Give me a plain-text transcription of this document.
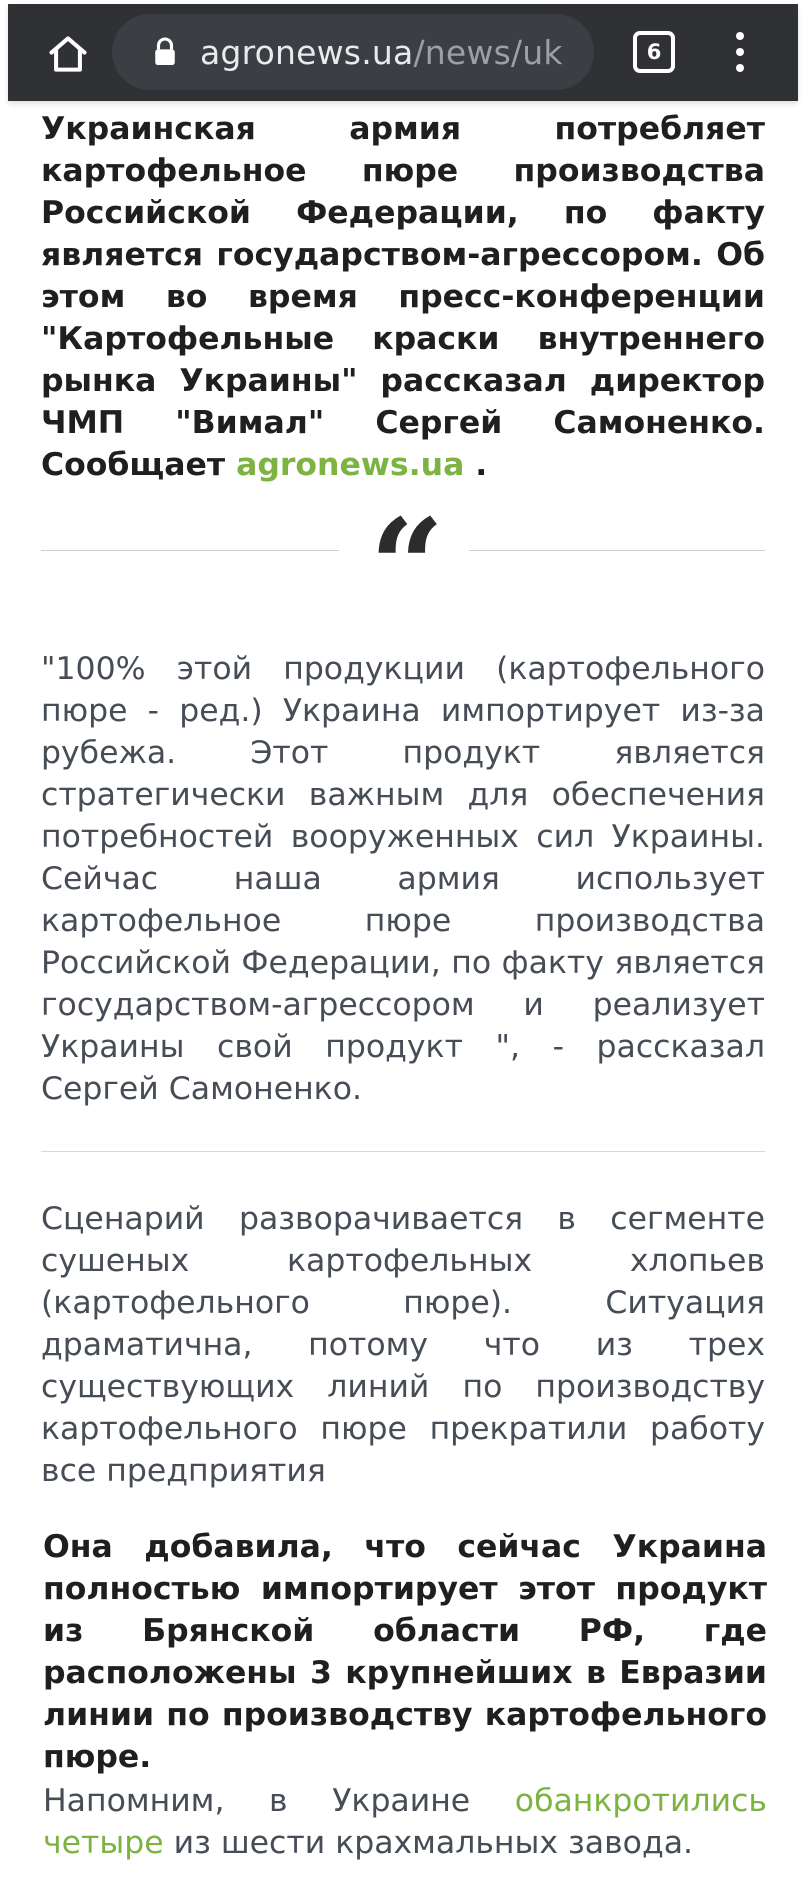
agronews.ua/news/uk	6

Украинская армия потребляет картофельное пюре производства Российской Федерации, по факту является государством-агрессором. Об этом во время пресс-конференции "Картофельные краски внутреннего рынка Украины" рассказал директор ЧМП "Вимал" Сергей Самоненко. Сообщает agronews.ua .

“

"100% этой продукции (картофельного пюре - ред.) Украина импортирует из-за рубежа. Этот продукт является стратегически важным для обеспечения потребностей вооруженных сил Украины. Сейчас наша армия использует картофельное пюре производства Российской Федерации, по факту является государством-агрессором и реализует Украины свой продукт ", - рассказал Сергей Самоненко.

Сценарий разворачивается в сегменте сушеных картофельных хлопьев (картофельного пюре). Ситуация драматична, потому что из трех существующих линий по производству картофельного пюре прекратили работу все предприятия

Она добавила, что сейчас Украина полностью импортирует этот продукт из Брянской области РФ, где расположены 3 крупнейших в Евразии линии по производству картофельного пюре.

Напомним, в Украине обанкротились четыре из шести крахмальных завода.
